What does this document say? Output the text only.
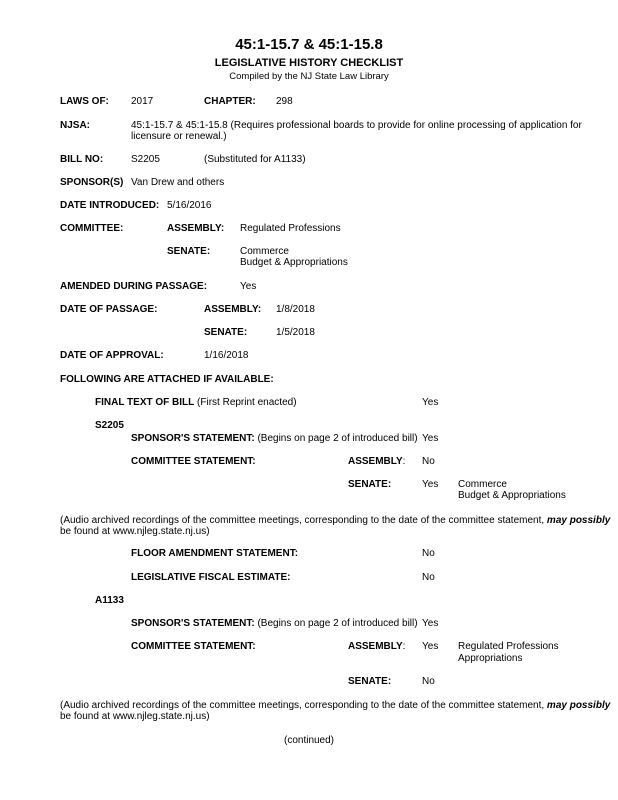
45:1-15.7 & 45:1-15.8
LEGISLATIVE HISTORY CHECKLIST
Compiled by the NJ State Law Library
LAWS OF: 2017	CHAPTER: 298
NJSA:	45:1-15.7 & 45:1-15.8 (Requires professional boards to provide for online processing of application for
licensure or renewal.)
BILL NO:	S2205	(Substituted for A1133)
SPONSOR(S) Van Drew and others
DATE INTRODUCED: 5/16/2016
COMMITTEE:	ASSEMBLY: Regulated Professions
SENATE:	Commerce
Budget & Appropriations
AMENDED DURING PASSAGE:	Yes
DATE OF PASSAGE:	ASSEMBLY: 1/8/2018
SENATE:	1/5/2018
DATE OF APPROVAL:	1/16/2018
FOLLOWING ARE ATTACHED IF AVAILABLE:
FINAL TEXT OF BILL (First Reprint enacted)	Yes
S2205
SPONSOR'S STATEMENT: (Begins on page 2 of introduced bill) Yes
COMMITTEE STATEMENT:	ASSEMBLY: No
SENATE:	Yes Commerce
Budget & Appropriations
(Audio archived recordings of the committee meetings, corresponding to the date of the committee statement, may possibly
be found at www.njleg.state.nj.us)
FLOOR AMENDMENT STATEMENT:	No
LEGISLATIVE FISCAL ESTIMATE:	No
A1133
SPONSOR'S STATEMENT: (Begins on page 2 of introduced bill) Yes
COMMITTEE STATEMENT:	ASSEMBLY: Yes Regulated Professions
Appropriations
SENATE:	No
(Audio archived recordings of the committee meetings, corresponding to the date of the committee statement, may possibly
be found at www.njleg.state.nj.us)
(continued)
